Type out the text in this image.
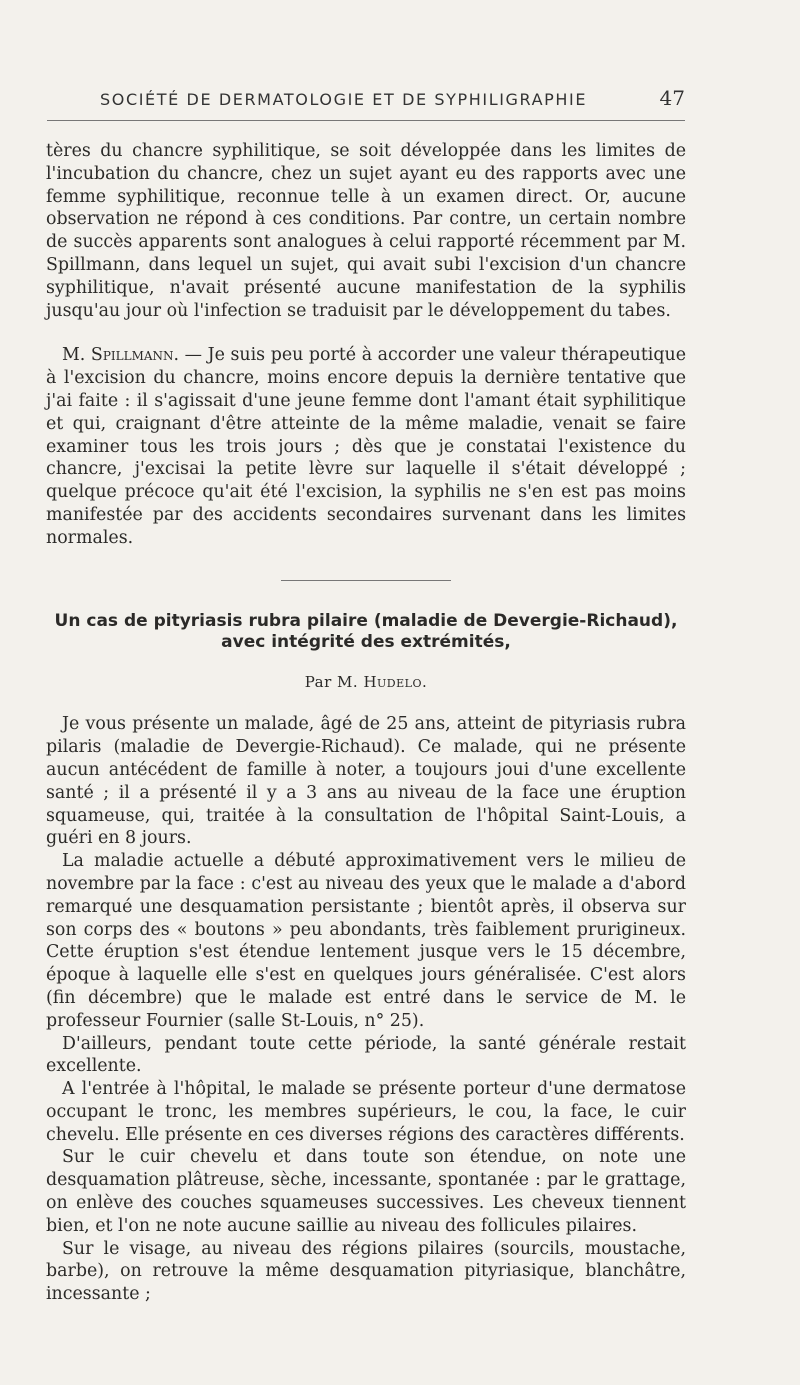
SOCIÉTÉ DE DERMATOLOGIE ET DE SYPHILIGRAPHIE	47

tères du chancre syphilitique, se soit développée dans les limites de l'incubation du chancre, chez un sujet ayant eu des rapports avec une femme syphilitique, reconnue telle à un examen direct. Or, aucune observation ne répond à ces conditions. Par contre, un certain nombre de succès apparents sont analogues à celui rapporté récemment par M. Spillmann, dans lequel un sujet, qui avait subi l'excision d'un chancre syphilitique, n'avait présenté aucune manifestation de la syphilis jusqu'au jour où l'infection se traduisit par le développement du tabes.

M. Spillmann. — Je suis peu porté à accorder une valeur thérapeutique à l'excision du chancre, moins encore depuis la dernière tentative que j'ai faite : il s'agissait d'une jeune femme dont l'amant était syphilitique et qui, craignant d'être atteinte de la même maladie, venait se faire examiner tous les trois jours ; dès que je constatai l'existence du chancre, j'excisai la petite lèvre sur laquelle il s'était développé ; quelque précoce qu'ait été l'excision, la syphilis ne s'en est pas moins manifestée par des accidents secondaires survenant dans les limites normales.

Un cas de pityriasis rubra pilaire (maladie de Devergie-Richaud),
avec intégrité des extrémités,
Par M. Hudelo.

Je vous présente un malade, âgé de 25 ans, atteint de pityriasis rubra pilaris (maladie de Devergie-Richaud). Ce malade, qui ne présente aucun antécédent de famille à noter, a toujours joui d'une excellente santé ; il a présenté il y a 3 ans au niveau de la face une éruption squameuse, qui, traitée à la consultation de l'hôpital Saint-Louis, a guéri en 8 jours.

La maladie actuelle a débuté approximativement vers le milieu de novembre par la face : c'est au niveau des yeux que le malade a d'abord remarqué une desquamation persistante ; bientôt après, il observa sur son corps des « boutons » peu abondants, très faiblement prurigineux. Cette éruption s'est étendue lentement jusque vers le 15 décembre, époque à laquelle elle s'est en quelques jours généralisée. C'est alors (fin décembre) que le malade est entré dans le service de M. le professeur Fournier (salle St-Louis, n° 25).

D'ailleurs, pendant toute cette période, la santé générale restait excellente.

A l'entrée à l'hôpital, le malade se présente porteur d'une dermatose occupant le tronc, les membres supérieurs, le cou, la face, le cuir chevelu. Elle présente en ces diverses régions des caractères différents.

Sur le cuir chevelu et dans toute son étendue, on note une desquamation plâtreuse, sèche, incessante, spontanée : par le grattage, on enlève des couches squameuses successives. Les cheveux tiennent bien, et l'on ne note aucune saillie au niveau des follicules pilaires.

Sur le visage, au niveau des régions pilaires (sourcils, moustache, barbe), on retrouve la même desquamation pityriasique, blanchâtre, incessante ;
